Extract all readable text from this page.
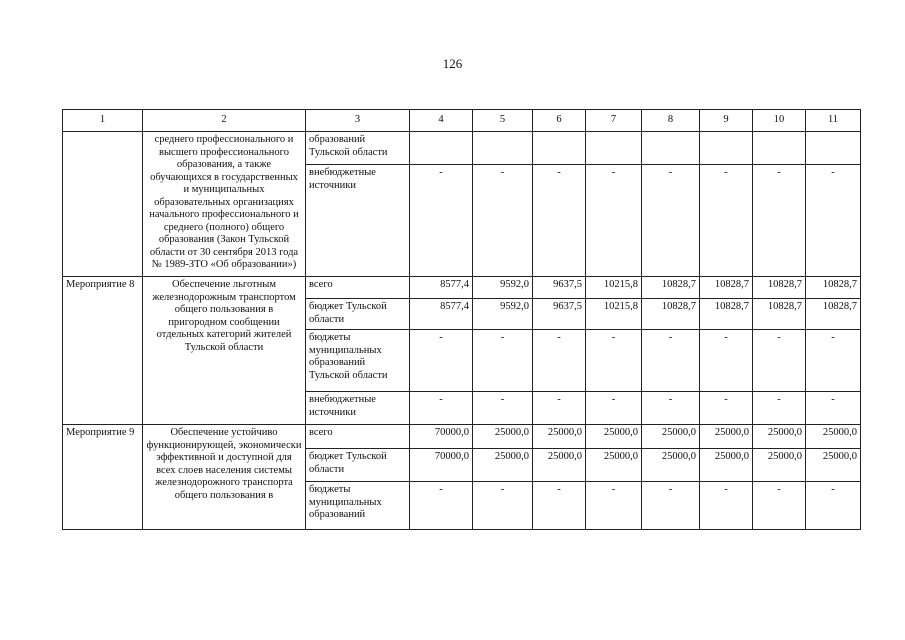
126
1	2	3	4	5	6	7	8	9	10	11
	среднего профессионального и высшего профессионального образования, а также обучающихся в государственных и муниципальных образовательных организациях начального профессионального и среднего (полного) общего образования (Закон Тульской области от 30 сентября 2013 года № 1989-ЗТО «Об образовании»)	образований Тульской области								
		внебюджетные источники	-	-	-	-	-	-	-	-
Мероприятие 8	Обеспечение льготным железнодорожным транспортом общего пользования в пригородном сообщении отдельных категорий жителей Тульской области	всего	8577,4	9592,0	9637,5	10215,8	10828,7	10828,7	10828,7	10828,7
		бюджет Тульской области	8577,4	9592,0	9637,5	10215,8	10828,7	10828,7	10828,7	10828,7
		бюджеты муниципальных образований Тульской области	-	-	-	-	-	-	-	-
		внебюджетные источники	-	-	-	-	-	-	-	-
Мероприятие 9	Обеспечение устойчиво функционирующей, экономически эффективной и доступной для всех слоев населения системы железнодорожного транспорта общего пользования в	всего	70000,0	25000,0	25000,0	25000,0	25000,0	25000,0	25000,0	25000,0
		бюджет Тульской области	70000,0	25000,0	25000,0	25000,0	25000,0	25000,0	25000,0	25000,0
		бюджеты муниципальных образований	-	-	-	-	-	-	-	-
